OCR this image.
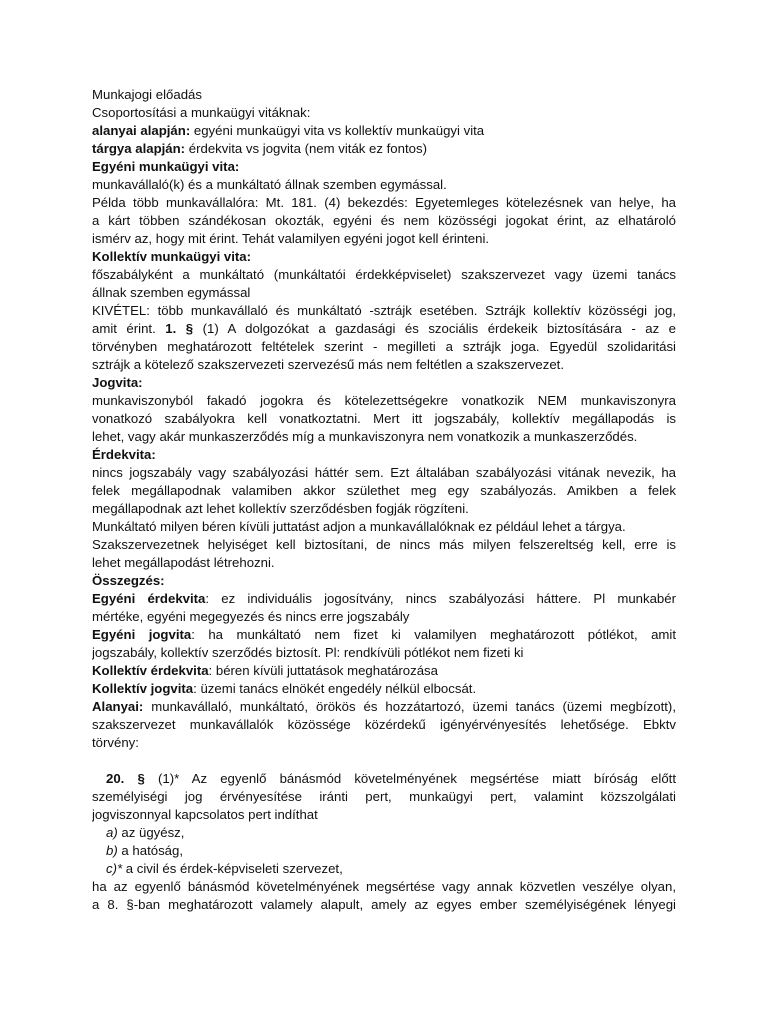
Munkajogi előadás
Csoportosítási a munkaügyi vitáknak:
alanyai alapján: egyéni munkaügyi vita vs kollektív munkaügyi vita
tárgya alapján: érdekvita vs jogvita (nem viták ez fontos)
Egyéni munkaügyi vita:
munkavállaló(k) és a munkáltató állnak szemben egymással.
Példa több munkavállalóra: Mt. 181. (4) bekezdés: Egyetemleges kötelezésnek van helye, ha
a kárt többen szándékosan okozták, egyéni és nem közösségi jogokat érint, az elhatároló
ismérv az, hogy mit érint. Tehát valamilyen egyéni jogot kell érinteni.
Kollektív munkaügyi vita:
főszabályként a munkáltató (munkáltatói érdekképviselet) szakszervezet vagy üzemi tanács
állnak szemben egymással
KIVÉTEL: több munkavállaló és munkáltató -sztrájk esetében. Sztrájk kollektív közösségi jog,
amit érint. 1. § (1) A dolgozókat a gazdasági és szociális érdekeik biztosítására - az e
törvényben meghatározott feltételek szerint - megilleti a sztrájk joga. Egyedül szolidaritási
sztrájk a kötelező szakszervezeti szervezésű más nem feltétlen a szakszervezet.
Jogvita:
munkaviszonyból fakadó jogokra és kötelezettségekre vonatkozik NEM munkaviszonyra
vonatkozó szabályokra kell vonatkoztatni. Mert itt jogszabály, kollektív megállapodás is
lehet, vagy akár munkaszerződés míg a munkaviszonyra nem vonatkozik a munkaszerződés.
Érdekvita:
nincs jogszabály vagy szabályozási háttér sem. Ezt általában szabályozási vitának nevezik, ha
felek megállapodnak valamiben akkor születhet meg egy szabályozás. Amikben a felek
megállapodnak azt lehet kollektív szerződésben fogják rögzíteni.
Munkáltató milyen béren kívüli juttatást adjon a munkavállalóknak ez például lehet a tárgya.
Szakszervezetnek helyiséget kell biztosítani, de nincs más milyen felszereltség kell, erre is
lehet megállapodást létrehozni.
Összegzés:
Egyéni érdekvita: ez individuális jogosítvány, nincs szabályozási háttere. Pl munkabér
mértéke, egyéni megegyezés és nincs erre jogszabály
Egyéni jogvita: ha munkáltató nem fizet ki valamilyen meghatározott pótlékot, amit
jogszabály, kollektív szerződés biztosít. Pl: rendkívüli pótlékot nem fizeti ki
Kollektív érdekvita: béren kívüli juttatások meghatározása
Kollektív jogvita: üzemi tanács elnökét engedély nélkül elbocsát.
Alanyai: munkavállaló, munkáltató, örökös és hozzátartozó, üzemi tanács (üzemi megbízott),
szakszervezet munkavállalók közössége közérdekű igényérvényesítés lehetősége. Ebktv
törvény:
20. § (1)* Az egyenlő bánásmód követelményének megsértése miatt bíróság előtt
személyiségi jog érvényesítése iránti pert, munkaügyi pert, valamint közszolgálati
jogviszonnyal kapcsolatos pert indíthat
a) az ügyész,
b) a hatóság,
c)* a civil és érdek-képviseleti szervezet,
ha az egyenlő bánásmód követelményének megsértése vagy annak közvetlen veszélye olyan,
a 8. §-ban meghatározott valamely alapult, amely az egyes ember személyiségének lényegi
